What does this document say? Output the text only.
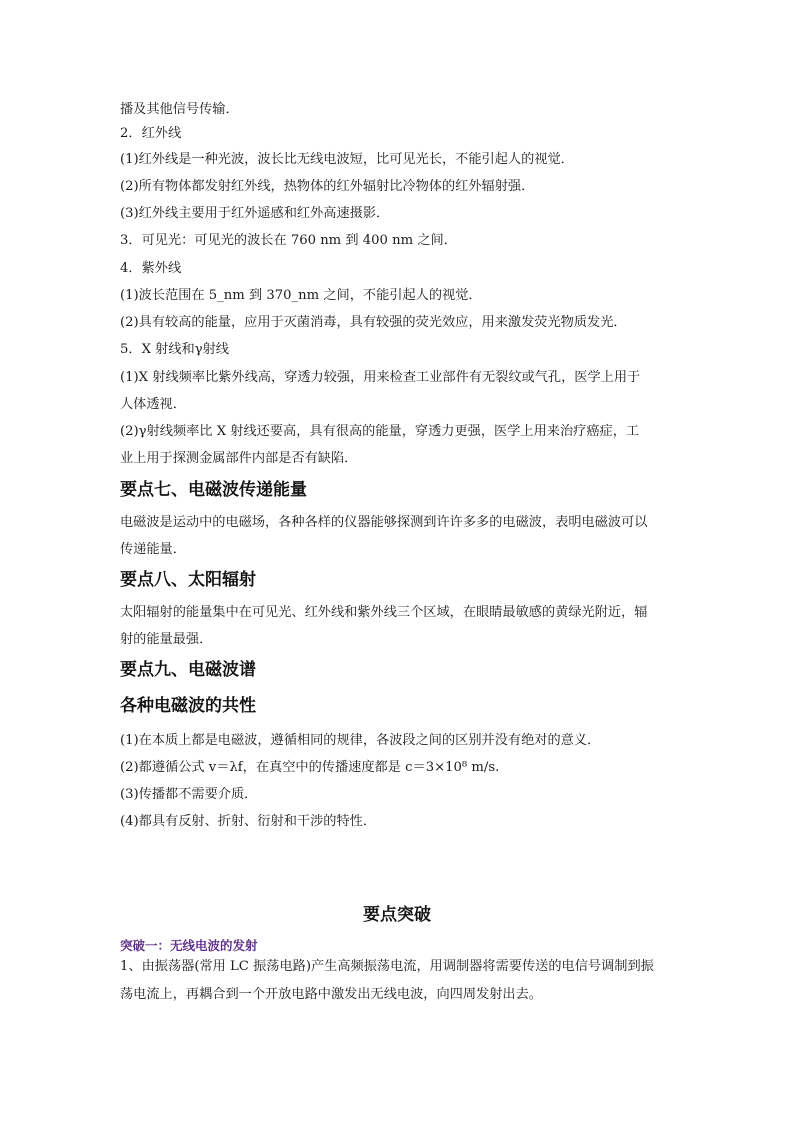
播及其他信号传输．
2．红外线
(1)红外线是一种光波，波长比无线电波短，比可见光长，不能引起人的视觉．
(2)所有物体都发射红外线，热物体的红外辐射比冷物体的红外辐射强．
(3)红外线主要用于红外遥感和红外高速摄影．
3．可见光：可见光的波长在 760 nm 到 400 nm 之间．
4．紫外线
(1)波长范围在 5_nm 到 370_nm 之间，不能引起人的视觉．
(2)具有较高的能量，应用于灭菌消毒，具有较强的荧光效应，用来激发荧光物质发光．
5．X 射线和γ射线
(1)X 射线频率比紫外线高，穿透力较强，用来检查工业部件有无裂纹或气孔，医学上用于
人体透视．
(2)γ射线频率比 X 射线还要高，具有很高的能量，穿透力更强，医学上用来治疗癌症，工
业上用于探测金属部件内部是否有缺陷．
要点七、电磁波传递能量
电磁波是运动中的电磁场，各种各样的仪器能够探测到许许多多的电磁波，表明电磁波可以
传递能量．
要点八、太阳辐射
太阳辐射的能量集中在可见光、红外线和紫外线三个区域，在眼睛最敏感的黄绿光附近，辐
射的能量最强．
要点九、电磁波谱
各种电磁波的共性
(1)在本质上都是电磁波，遵循相同的规律，各波段之间的区别并没有绝对的意义．
(2)都遵循公式 v＝λf，在真空中的传播速度都是 c＝3×10⁸ m/s.
(3)传播都不需要介质．
(4)都具有反射、折射、衍射和干涉的特性．
要点突破
突破一：无线电波的发射
1、由振荡器(常用 LC 振荡电路)产生高频振荡电流，用调制器将需要传送的电信号调制到振
荡电流上，再耦合到一个开放电路中激发出无线电波，向四周发射出去。
